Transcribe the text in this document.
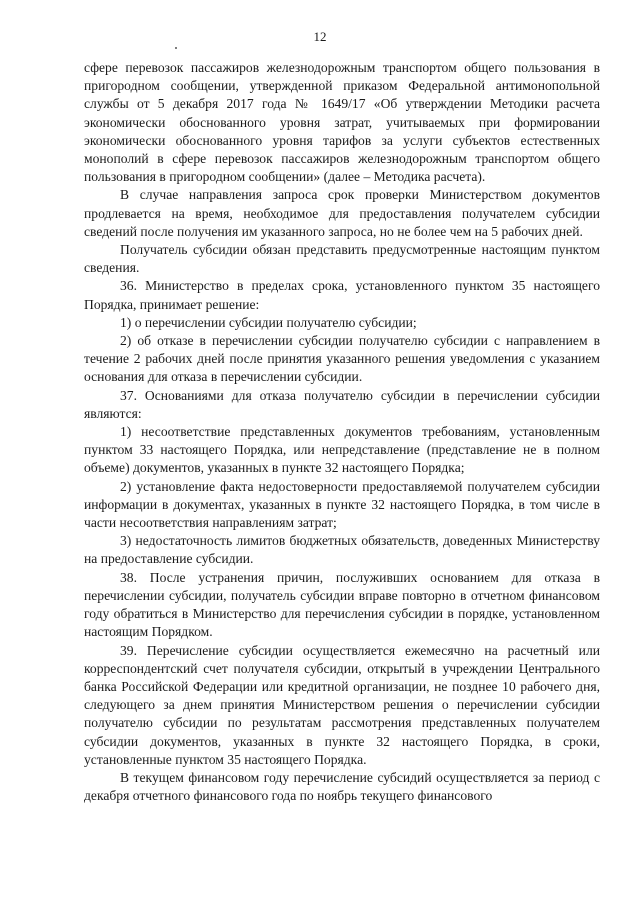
12

сфере перевозок пассажиров железнодорожным транспортом общего пользования в пригородном сообщении, утвержденной приказом Федеральной антимонопольной службы от 5 декабря 2017 года № 1649/17 «Об утверждении Методики расчета экономически обоснованного уровня затрат, учитываемых при формировании экономически обоснованного уровня тарифов за услуги субъектов естественных монополий в сфере перевозок пассажиров железнодорожным транспортом общего пользования в пригородном сообщении» (далее – Методика расчета).

В случае направления запроса срок проверки Министерством документов продлевается на время, необходимое для предоставления получателем субсидии сведений после получения им указанного запроса, но не более чем на 5 рабочих дней.

Получатель субсидии обязан представить предусмотренные настоящим пунктом сведения.

36. Министерство в пределах срока, установленного пунктом 35 настоящего Порядка, принимает решение:

1) о перечислении субсидии получателю субсидии;

2) об отказе в перечислении субсидии получателю субсидии с направлением в течение 2 рабочих дней после принятия указанного решения уведомления с указанием основания для отказа в перечислении субсидии.

37. Основаниями для отказа получателю субсидии в перечислении субсидии являются:

1) несоответствие представленных документов требованиям, установленным пунктом 33 настоящего Порядка, или непредставление (представление не в полном объеме) документов, указанных в пункте 32 настоящего Порядка;

2) установление факта недостоверности предоставляемой получателем субсидии информации в документах, указанных в пункте 32 настоящего Порядка, в том числе в части несоответствия направлениям затрат;

3) недостаточность лимитов бюджетных обязательств, доведенных Министерству на предоставление субсидии.

38. После устранения причин, послуживших основанием для отказа в перечислении субсидии, получатель субсидии вправе повторно в отчетном финансовом году обратиться в Министерство для перечисления субсидии в порядке, установленном настоящим Порядком.

39. Перечисление субсидии осуществляется ежемесячно на расчетный или корреспондентский счет получателя субсидии, открытый в учреждении Центрального банка Российской Федерации или кредитной организации, не позднее 10 рабочего дня, следующего за днем принятия Министерством решения о перечислении субсидии получателю субсидии по результатам рассмотрения представленных получателем субсидии документов, указанных в пункте 32 настоящего Порядка, в сроки, установленные пунктом 35 настоящего Порядка.

В текущем финансовом году перечисление субсидий осуществляется за период с декабря отчетного финансового года по ноябрь текущего финансового
